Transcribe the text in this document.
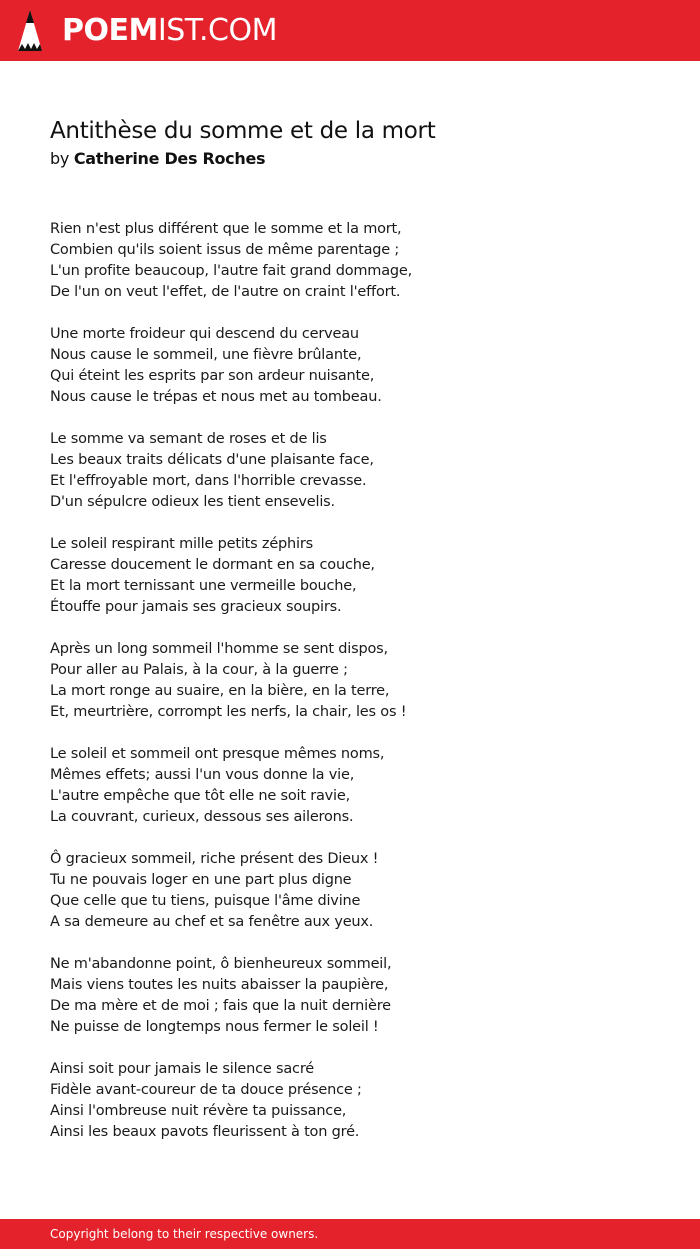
POEMIST.COM
Antithèse du somme et de la mort
by Catherine Des Roches
Rien n'est plus différent que le somme et la mort,
Combien qu'ils soient issus de même parentage ;
L'un profite beaucoup, l'autre fait grand dommage,
De l'un on veut l'effet, de l'autre on craint l'effort.
Une morte froideur qui descend du cerveau
Nous cause le sommeil, une fièvre brûlante,
Qui éteint les esprits par son ardeur nuisante,
Nous cause le trépas et nous met au tombeau.
Le somme va semant de roses et de lis
Les beaux traits délicats d'une plaisante face,
Et l'effroyable mort, dans l'horrible crevasse.
D'un sépulcre odieux les tient ensevelis.
Le soleil respirant mille petits zéphirs
Caresse doucement le dormant en sa couche,
Et la mort ternissant une vermeille bouche,
Étouffe pour jamais ses gracieux soupirs.
Après un long sommeil l'homme se sent dispos,
Pour aller au Palais, à la cour, à la guerre ;
La mort ronge au suaire, en la bière, en la terre,
Et, meurtrière, corrompt les nerfs, la chair, les os !
Le soleil et sommeil ont presque mêmes noms,
Mêmes effets; aussi l'un vous donne la vie,
L'autre empêche que tôt elle ne soit ravie,
La couvrant, curieux, dessous ses ailerons.
Ô gracieux sommeil, riche présent des Dieux !
Tu ne pouvais loger en une part plus digne
Que celle que tu tiens, puisque l'âme divine
A sa demeure au chef et sa fenêtre aux yeux.
Ne m'abandonne point, ô bienheureux sommeil,
Mais viens toutes les nuits abaisser la paupière,
De ma mère et de moi ; fais que la nuit dernière
Ne puisse de longtemps nous fermer le soleil !
Ainsi soit pour jamais le silence sacré
Fidèle avant-coureur de ta douce présence ;
Ainsi l'ombreuse nuit révère ta puissance,
Ainsi les beaux pavots fleurissent à ton gré.
Copyright belong to their respective owners.
